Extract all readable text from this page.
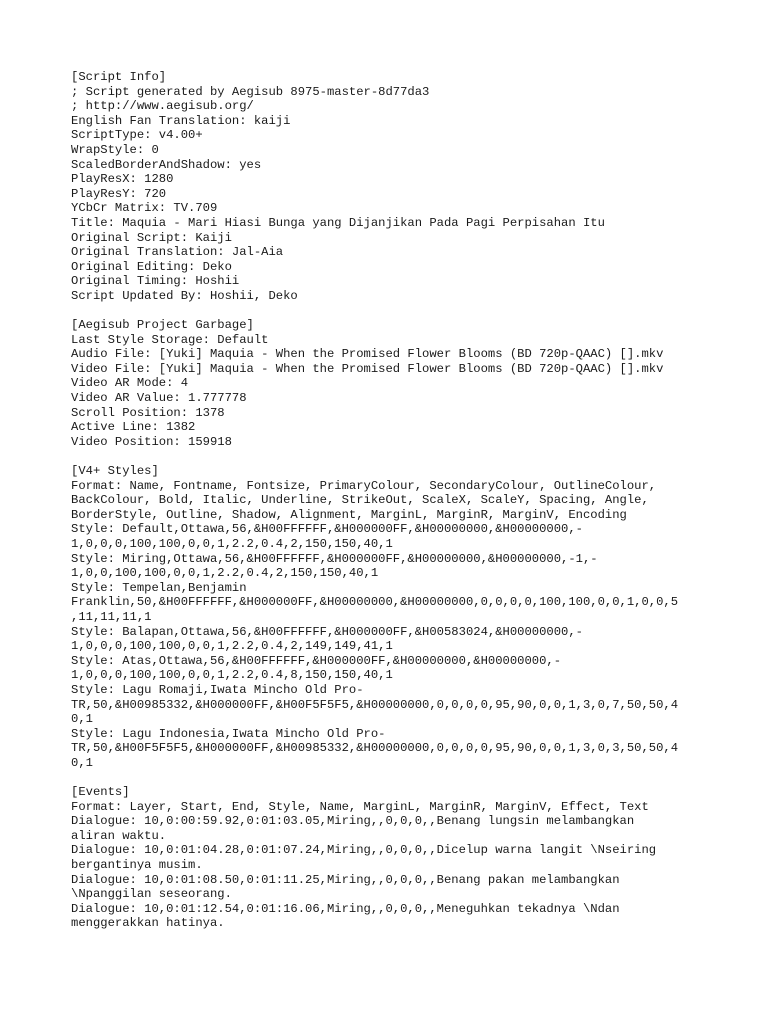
[Script Info]
; Script generated by Aegisub 8975-master-8d77da3
; http://www.aegisub.org/
English Fan Translation: kaiji
ScriptType: v4.00+
WrapStyle: 0
ScaledBorderAndShadow: yes
PlayResX: 1280
PlayResY: 720
YCbCr Matrix: TV.709
Title: Maquia - Mari Hiasi Bunga yang Dijanjikan Pada Pagi Perpisahan Itu
Original Script: Kaiji
Original Translation: Jal-Aia
Original Editing: Deko
Original Timing: Hoshii
Script Updated By: Hoshii, Deko
[Aegisub Project Garbage]
Last Style Storage: Default
Audio File: [Yuki] Maquia - When the Promised Flower Blooms (BD 720p-QAAC) [].mkv
Video File: [Yuki] Maquia - When the Promised Flower Blooms (BD 720p-QAAC) [].mkv
Video AR Mode: 4
Video AR Value: 1.777778
Scroll Position: 1378
Active Line: 1382
Video Position: 159918
[V4+ Styles]
Format: Name, Fontname, Fontsize, PrimaryColour, SecondaryColour, OutlineColour,
BackColour, Bold, Italic, Underline, StrikeOut, ScaleX, ScaleY, Spacing, Angle,
BorderStyle, Outline, Shadow, Alignment, MarginL, MarginR, MarginV, Encoding
Style: Default,Ottawa,56,&H00FFFFFF,&H000000FF,&H00000000,&H00000000,-
1,0,0,0,100,100,0,0,1,2.2,0.4,2,150,150,40,1
Style: Miring,Ottawa,56,&H00FFFFFF,&H000000FF,&H00000000,&H00000000,-1,-
1,0,0,100,100,0,0,1,2.2,0.4,2,150,150,40,1
Style: Tempelan,Benjamin
Franklin,50,&H00FFFFFF,&H000000FF,&H00000000,&H00000000,0,0,0,0,100,100,0,0,1,0,0,5
,11,11,11,1
Style: Balapan,Ottawa,56,&H00FFFFFF,&H000000FF,&H00583024,&H00000000,-
1,0,0,0,100,100,0,0,1,2.2,0.4,2,149,149,41,1
Style: Atas,Ottawa,56,&H00FFFFFF,&H000000FF,&H00000000,&H00000000,-
1,0,0,0,100,100,0,0,1,2.2,0.4,8,150,150,40,1
Style: Lagu Romaji,Iwata Mincho Old Pro-
TR,50,&H00985332,&H000000FF,&H00F5F5F5,&H00000000,0,0,0,0,95,90,0,0,1,3,0,7,50,50,4
0,1
Style: Lagu Indonesia,Iwata Mincho Old Pro-
TR,50,&H00F5F5F5,&H000000FF,&H00985332,&H00000000,0,0,0,0,95,90,0,0,1,3,0,3,50,50,4
0,1
[Events]
Format: Layer, Start, End, Style, Name, MarginL, MarginR, MarginV, Effect, Text
Dialogue: 10,0:00:59.92,0:01:03.05,Miring,,0,0,0,,Benang lungsin melambangkan
aliran waktu.
Dialogue: 10,0:01:04.28,0:01:07.24,Miring,,0,0,0,,Dicelup warna langit \Nseiring
bergantinya musim.
Dialogue: 10,0:01:08.50,0:01:11.25,Miring,,0,0,0,,Benang pakan melambangkan
\Npanggilan seseorang.
Dialogue: 10,0:01:12.54,0:01:16.06,Miring,,0,0,0,,Meneguhkan tekadnya \Ndan
menggerakkan hatinya.
